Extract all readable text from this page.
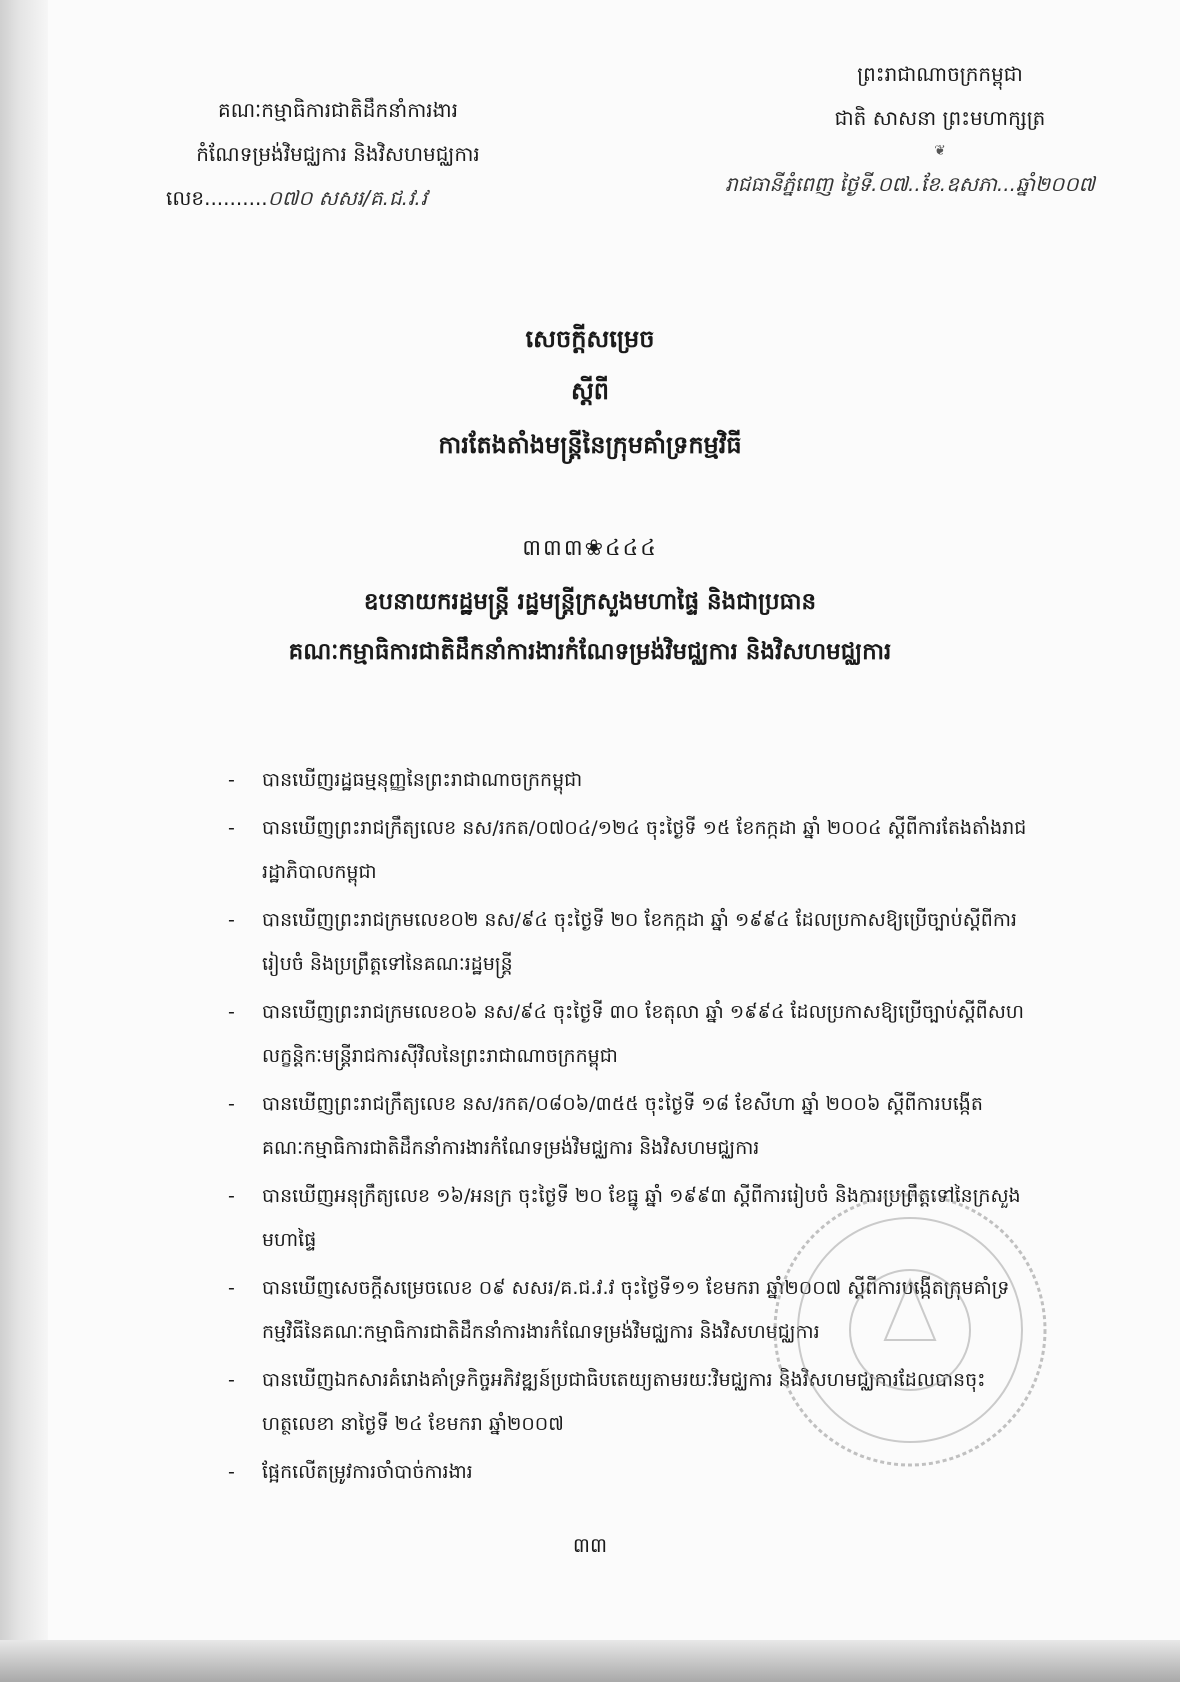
គណៈកម្មាធិការជាតិដឹកនាំការងារ
កំណែទម្រង់វិមជ្ឈការ និងវិសហមជ្ឈការ
លេខ..........០៧០ សសរ/គ.ជ.វ.វ
ព្រះរាជាណាចក្រកម្ពុជា
ជាតិ សាសនា ព្រះមហាក្សត្រ
❦
រាជធានីភ្នំពេញ ថ្ងៃទី.០៧..ខែ.ឧសភា...ឆ្នាំ២០០៧
សេចក្តីសម្រេច
ស្តីពី
ការតែងតាំងមន្ត្រីនៃក្រុមគាំទ្រកម្មវិធី
៣៣៣❀៤៤៤
ឧបនាយករដ្ឋមន្ត្រី រដ្ឋមន្ត្រីក្រសួងមហាផ្ទៃ និងជាប្រធាន
គណៈកម្មាធិការជាតិដឹកនាំការងារកំណែទម្រង់វិមជ្ឈការ និងវិសហមជ្ឈការ
- បានឃើញរដ្ឋធម្មនុញ្ញនៃព្រះរាជាណាចក្រកម្ពុជា
- បានឃើញព្រះរាជក្រឹត្យលេខ នស/រកត/០៧០៤/១២៤ ចុះថ្ងៃទី ១៥ ខែកក្កដា ឆ្នាំ ២០០៤ ស្តីពីការតែងតាំងរាជរដ្ឋាភិបាលកម្ពុជា
- បានឃើញព្រះរាជក្រមលេខ០២ នស/៩៤ ចុះថ្ងៃទី ២០ ខែកក្កដា ឆ្នាំ ១៩៩៤ ដែលប្រកាសឱ្យប្រើច្បាប់ស្តីពីការរៀបចំ និងប្រព្រឹត្តទៅនៃគណៈរដ្ឋមន្ត្រី
- បានឃើញព្រះរាជក្រមលេខ០៦ នស/៩៤ ចុះថ្ងៃទី ៣០ ខែតុលា ឆ្នាំ ១៩៩៤ ដែលប្រកាសឱ្យប្រើច្បាប់ស្តីពីសហលក្ខន្តិកៈមន្ត្រីរាជការស៊ីវិលនៃព្រះរាជាណាចក្រកម្ពុជា
- បានឃើញព្រះរាជក្រឹត្យលេខ នស/រកត/០៨០៦/៣៥៥ ចុះថ្ងៃទី ១៨ ខែសីហា ឆ្នាំ ២០០៦ ស្តីពីការបង្កើតគណៈកម្មាធិការជាតិដឹកនាំការងារកំណែទម្រង់វិមជ្ឈការ និងវិសហមជ្ឈការ
- បានឃើញអនុក្រឹត្យលេខ ១៦/អនក្រ ចុះថ្ងៃទី ២០ ខែធ្នូ ឆ្នាំ ១៩៩៣ ស្តីពីការរៀបចំ និងការប្រព្រឹត្តទៅនៃក្រសួងមហាផ្ទៃ
- បានឃើញសេចក្តីសម្រេចលេខ ០៩ សសរ/គ.ជ.វ.វ ចុះថ្ងៃទី១១ ខែមករា ឆ្នាំ២០០៧ ស្តីពីការបង្កើតក្រុមគាំទ្រកម្មវិធីនៃគណៈកម្មាធិការជាតិដឹកនាំការងារកំណែទម្រង់វិមជ្ឈការ និងវិសហមជ្ឈការ
- បានឃើញឯកសារគំរោងគាំទ្រកិច្ចអភិវឌ្ឍន៍ប្រជាធិបតេយ្យតាមរយៈវិមជ្ឈការ និងវិសហមជ្ឈការដែលបានចុះហត្ថលេខា នាថ្ងៃទី ២៤ ខែមករា ឆ្នាំ២០០៧
- ផ្អែកលើតម្រូវការចាំបាច់ការងារ
៣៣
